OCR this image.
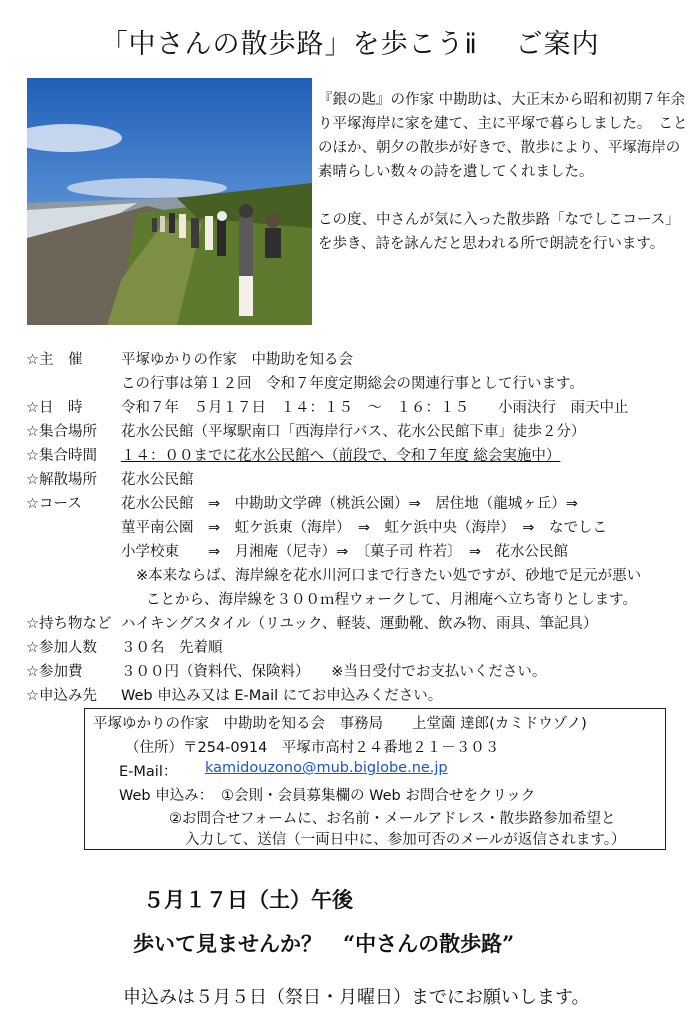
「中さんの散歩路」を歩こうⅱ　 ご案内

『銀の匙』の作家 中勘助は、大正末から昭和初期７年余り平塚海岸に家を建て、主に平塚で暮らしました。　ことのほか、朝夕の散歩が好きで、散歩により、平塚海岸の素晴らしい数々の詩を遺してくれました。

この度、中さんが気に入った散歩路「なでしこコース」を歩き、詩を詠んだと思われる所で朗読を行います。

☆主　催	平塚ゆかりの作家　中勘助を知る会
この行事は第１２回　令和７年度定期総会の関連行事として行います。
☆日　時	令和７年　５月１７日　１４：１５　～　１６：１５　　小雨決行　雨天中止
☆集合場所	花水公民館（平塚駅南口「西海岸行バス、花水公民館下車」徒歩２分）
☆集合時間	１４：００までに花水公民館へ（前段で、令和７年度 総会実施中）
☆解散場所	花水公民館
☆コース	花水公民館　⇒　中勘助文学碑（桃浜公園）⇒　居住地（龍城ヶ丘）⇒
菫平南公園　⇒　虹ケ浜東（海岸）　⇒　虹ケ浜中央（海岸）　⇒　なでしこ
小学校東　　⇒　月湘庵（尼寺）⇒　〔菓子司 杵若〕　⇒　花水公民館
※本来ならば、海岸線を花水川河口まで行きたい処ですが、砂地で足元が悪い
ことから、海岸線を３００ｍ程ウォークして、月湘庵へ立ち寄りとします。
☆持ち物など ハイキングスタイル（リユック、軽装、運動靴、飲み物、雨具、筆記具）
☆参加人数	３０名　先着順
☆参加費	３００円（資料代、保険料）　　※当日受付でお支払いください。
☆申込み先	Web 申込み又は E-Mail にてお申込みください。
平塚ゆかりの作家　中勘助を知る会　事務局　　上堂薗 達郎(カミドウゾノ)
（住所）〒254-0914　平塚市高村２４番地２１－３０３
E-Mail： kamidouzono@mub.biglobe.ne.jp
Web 申込み： ①会則・会員募集欄の Web お問合せをクリック
②お問合せフォームに、お名前・メールアドレス・散歩路参加希望と
入力して、送信（一両日中に、参加可否のメールが返信されます。）
５月１７日（土）午後
歩いて見ませんか？　“中さんの散歩路”
申込みは５月５日（祭日・月曜日）までにお願いします。
